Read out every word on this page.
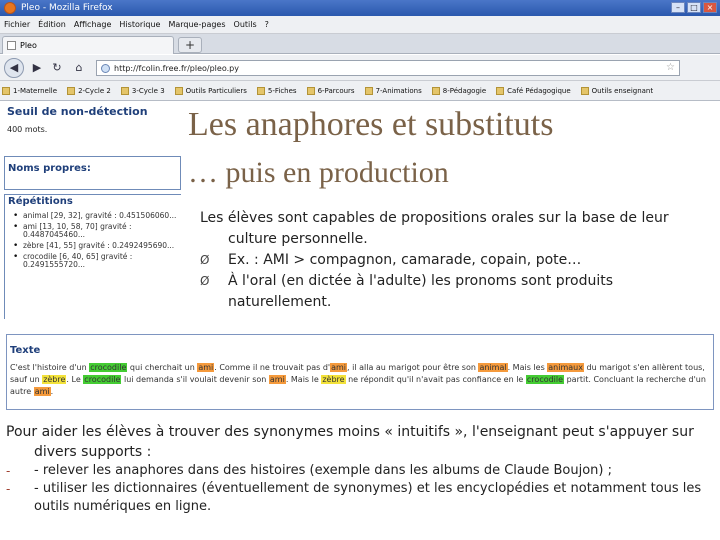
Pleo - Mozilla Firefox	–	□	×
Fichier Édition Affichage Historique Marque-pages Outils ?
Pleo	+
◀	▶	↻	⌂	http://fcolin.free.fr/pleo/pleo.py	☆
1-Maternelle	2-Cycle 2	3-Cycle 3	Outils Particuliers	5-Fiches	6-Parcours	7-Animations	8-Pédagogie	Café Pédagogique	Outils enseignant
Seuil de non-détection
400 mots.
Noms propres:
Répétitions
• animal [29, 32], gravité : 0.451506060...
• ami [13, 10, 58, 70] gravité : 0.4487045460...
• zèbre [41, 55] gravité : 0.2492495690...
• crocodile [6, 40, 65] gravité : 0.2491555720...
Texte
C'est l'histoire d'un crocodile qui cherchait un ami. Comme il ne trouvait pas d'ami, il alla au marigot pour être son animal. Mais les animaux du marigot s'en allèrent tous, sauf un zèbre. Le crocodile lui demanda s'il voulait devenir son ami. Mais le zèbre ne répondit qu'il n'avait pas confiance en le crocodile partit. Concluant la recherche d'un autre ami.
Les anaphores et substituts
… puis en production
Les élèves sont capables de propositions orales sur la base de leur culture personnelle.
Ø	Ex. : AMI > compagnon, camarade, copain, pote…
Ø	À l'oral (en dictée à l'adulte) les pronoms sont produits naturellement.
Pour aider les élèves à trouver des synonymes moins « intuitifs », l'enseignant peut s'appuyer sur divers supports :
-	- relever les anaphores dans des histoires (exemple dans les albums de Claude Boujon) ;
-	- utiliser les dictionnaires (éventuellement de synonymes) et les encyclopédies et notamment tous les outils numériques en ligne.
